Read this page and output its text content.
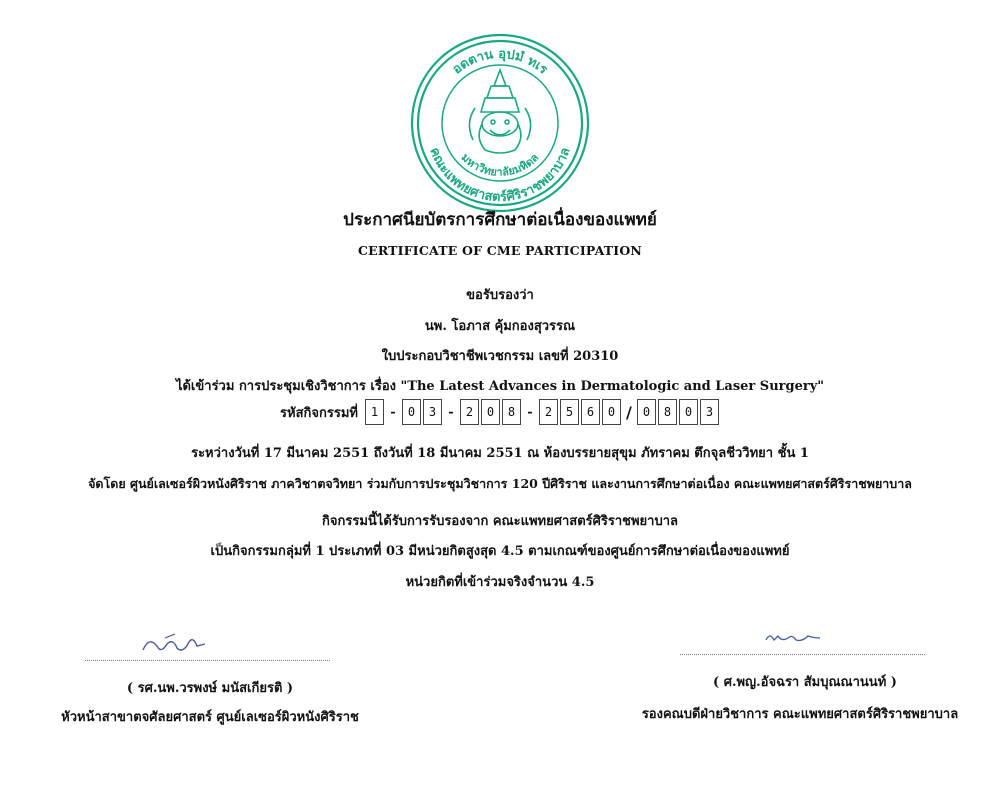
อดตาน อุปมํ ทเร
คณะแพทยศาสตร์ศิริราชพยาบาล
มหาวิทยาลัยมหิดล
ประกาศนียบัตรการศึกษาต่อเนื่องของแพทย์
CERTIFICATE OF CME PARTICIPATION
ขอรับรองว่า
นพ. โอภาส คุ้มกองสุวรรณ
ใบประกอบวิชาชีพเวชกรรม เลขที่ 20310
ได้เข้าร่วม การประชุมเชิงวิชาการ เรื่อง "The Latest Advances in Dermatologic and Laser Surgery"
รหัสกิจกรรมที่	1 -	0	3 -	2	0	8 -	2	5	6	0 / 0	8	0	3
ระหว่างวันที่ 17 มีนาคม 2551 ถึงวันที่ 18 มีนาคม 2551 ณ ห้องบรรยายสุขุม ภัทราคม ตึกจุลชีววิทยา ชั้น 1
จัดโดย ศูนย์เลเซอร์ผิวหนังศิริราช ภาควิชาตจวิทยา ร่วมกับการประชุมวิชาการ 120 ปีศิริราช และงานการศึกษาต่อเนื่อง คณะแพทยศาสตร์ศิริราชพยาบาล
กิจกรรมนี้ได้รับการรับรองจาก คณะแพทยศาสตร์ศิริราชพยาบาล
เป็นกิจกรรมกลุ่มที่ 1 ประเภทที่ 03 มีหน่วยกิตสูงสุด 4.5 ตามเกณฑ์ของศูนย์การศึกษาต่อเนื่องของแพทย์
หน่วยกิตที่เข้าร่วมจริงจำนวน 4.5
( รศ.นพ.วรพงษ์ มนัสเกียรติ )
หัวหน้าสาขาตจศัลยศาสตร์ ศูนย์เลเซอร์ผิวหนังศิริราช
( ศ.พญ.อัจฉรา สัมบุณณานนท์ )
รองคณบดีฝ่ายวิชาการ คณะแพทยศาสตร์ศิริราชพยาบาล
